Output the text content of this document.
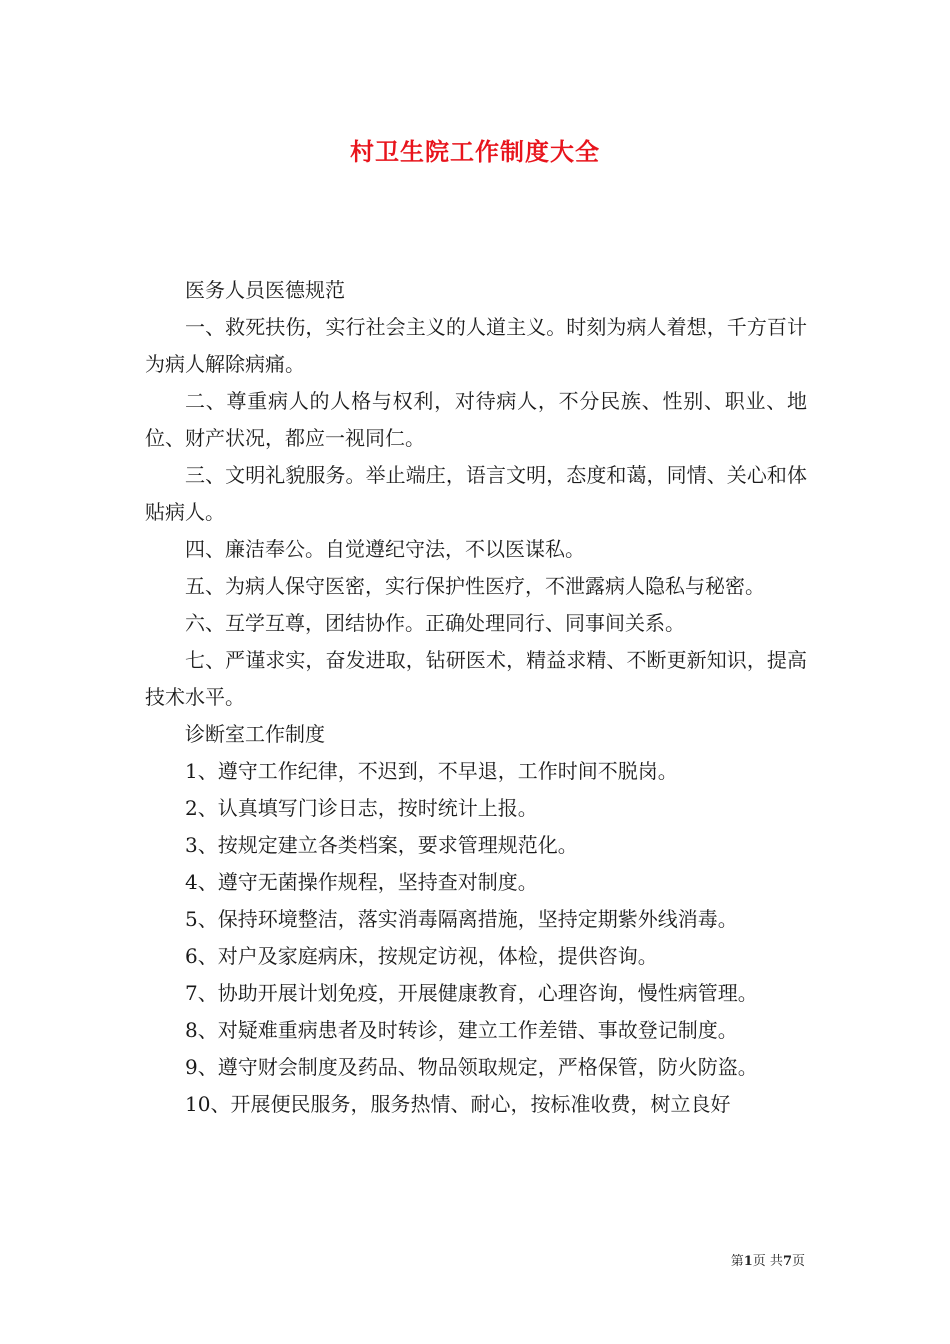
村卫生院工作制度大全

医务人员医德规范

一、救死扶伤，实行社会主义的人道主义。时刻为病人着想，千方百计为病人解除病痛。

二、尊重病人的人格与权利，对待病人，不分民族、性别、职业、地位、财产状况，都应一视同仁。

三、文明礼貌服务。举止端庄，语言文明，态度和蔼，同情、关心和体贴病人。

四、廉洁奉公。自觉遵纪守法，不以医谋私。

五、为病人保守医密，实行保护性医疗，不泄露病人隐私与秘密。

六、互学互尊，团结协作。正确处理同行、同事间关系。

七、严谨求实，奋发进取，钻研医术，精益求精、不断更新知识，提高技术水平。

诊断室工作制度

1、遵守工作纪律，不迟到，不早退，工作时间不脱岗。

2、认真填写门诊日志，按时统计上报。

3、按规定建立各类档案，要求管理规范化。

4、遵守无菌操作规程，坚持查对制度。

5、保持环境整洁，落实消毒隔离措施，坚持定期紫外线消毒。

6、对户及家庭病床，按规定访视，体检，提供咨询。

7、协助开展计划免疫，开展健康教育，心理咨询，慢性病管理。

8、对疑难重病患者及时转诊，建立工作差错、事故登记制度。

9、遵守财会制度及药品、物品领取规定，严格保管，防火防盗。

10、开展便民服务，服务热情、耐心，按标准收费，树立良好

第1页 共7页
